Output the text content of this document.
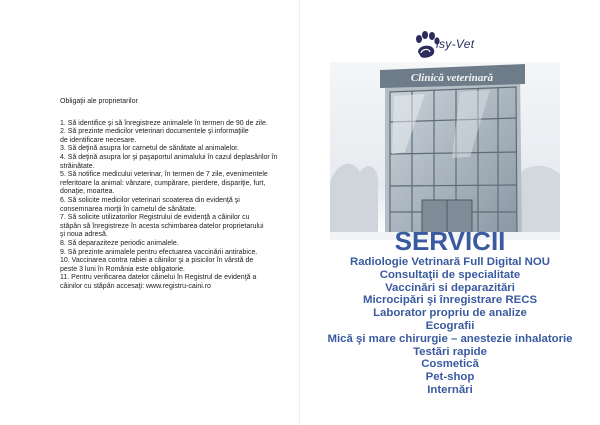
Obligaţii ale proprietarilor

1. Să identifice şi să înregistreze animalele în termen de 90 de zile.

2. Să prezinte medicilor veterinari documentele şi informaţiile
de identificare necesare.

3. Să deţină asupra lor carnetul de sănătate al animalelor.

4. Să deţină asupra lor şi paşaportul animalului în cazul deplasărilor în
străinătate.

5. Să notifice medicului veterinar, în termen de 7 zile, evenimentele
referitoare la animal: vânzare, cumpărare, pierdere, dispariţie, furt,
donaţie, moartea.

6. Să solicite medicilor veterinari scoaterea din evidenţă şi
consemnarea morţii în carnetul de sănătate.

7. Să solicite utilizatorilor Registrului de evidenţă a câinilor cu
stăpân să înregistreze în acesta schimbarea datelor proprietarului
şi noua adresă.

8. Să deparaziteze periodic animalele.

9. Să prezinte animalele pentru efectuarea vaccinării antirabice.

10. Vaccinarea contra rabiei a câinilor şi a pisicilor în vârstă de
peste 3 luni în România este obligatorie.

11. Pentru verificarea datelor câinelui în Registrul de evidenţă a
câinilor cu stăpân accesaţi: www.registru-caini.ro

isy-Vet
Clinică veterinară

SERVICII

Radiologie Vetrinară Full Digital NOU

Consultaţii de specialitate

Vaccinări si deparazitări

Microcipări şi înregistrare RECS

Laborator propriu de analize

Ecografii

Mică şi mare chirurgie – anestezie inhalatorie

Testări rapide

Cosmetică

Pet-shop

Internări
